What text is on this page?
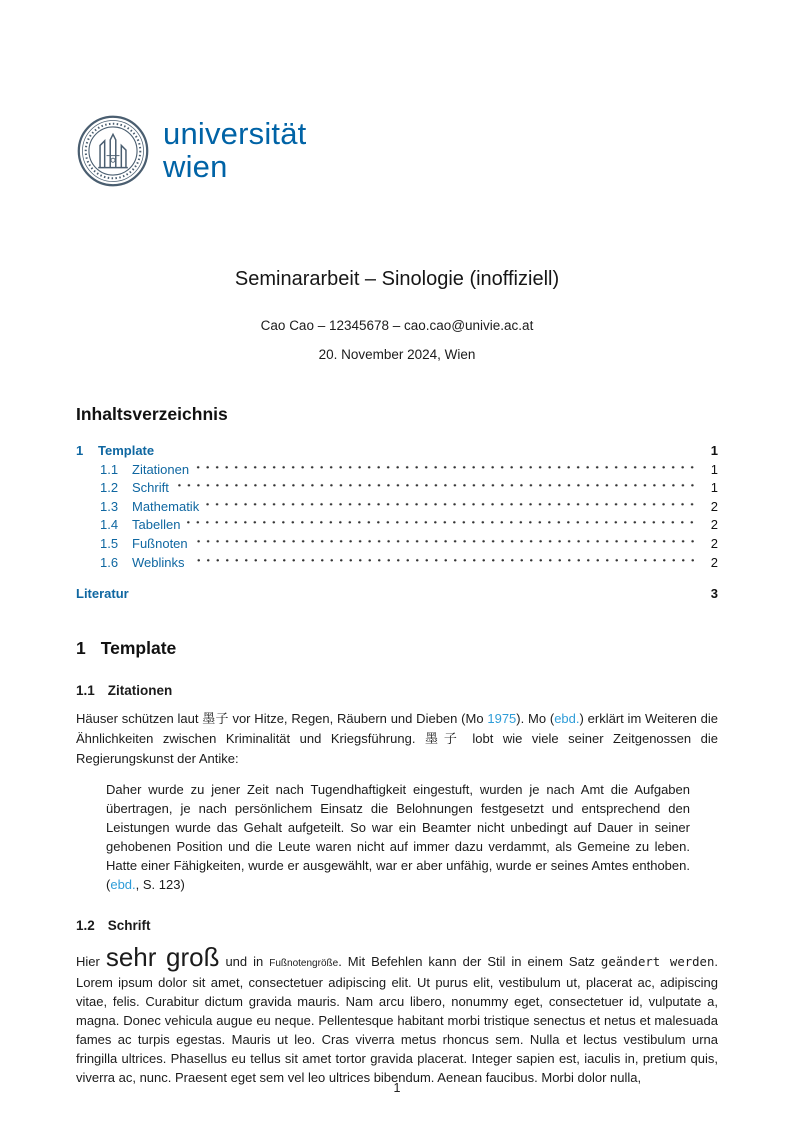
universität
wien
Seminararbeit – Sinologie (inoffiziell)
Cao Cao – 12345678 – cao.cao@univie.ac.at
20. November 2024, Wien
Inhaltsverzeichnis
1	Template	1
1.1	Zitationen	1
1.2	Schrift	1
1.3	Mathematik	2
1.4	Tabellen	2
1.5	Fußnoten	2
1.6	Weblinks	2
Literatur	3
1 Template
1.1 Zitationen

Häuser schützen laut 墨子 vor Hitze, Regen, Räubern und Dieben (Mo 1975). Mo (ebd.) erklärt im Weiteren die Ähnlichkeiten zwischen Kriminalität und Kriegsführung. 墨子 lobt wie viele seiner Zeitgenossen die Regierungskunst der Antike:

Daher wurde zu jener Zeit nach Tugendhaftigkeit eingestuft, wurden je nach Amt die Aufgaben übertragen, je nach persönlichem Einsatz die Belohnungen festgesetzt und entsprechend den Leistungen wurde das Gehalt aufgeteilt. So war ein Beamter nicht unbedingt auf Dauer in seiner gehobenen Position und die Leute waren nicht auf immer dazu verdammt, als Gemeine zu leben. Hatte einer Fähigkeiten, wurde er ausgewählt, war er aber unfähig, wurde er seines Amtes enthoben. (ebd., S. 123)
1.2 Schrift

Hier sehr groß und in Fußnotengröße. Mit Befehlen kann der Stil in einem Satz geändert werden. Lorem ipsum dolor sit amet, consectetuer adipiscing elit. Ut purus elit, vestibulum ut, placerat ac, adipiscing vitae, felis. Curabitur dictum gravida mauris. Nam arcu libero, nonummy eget, consectetuer id, vulputate a, magna. Donec vehicula augue eu neque. Pellentesque habitant morbi tristique senectus et netus et malesuada fames ac turpis egestas. Mauris ut leo. Cras viverra metus rhoncus sem. Nulla et lectus vestibulum urna fringilla ultrices. Phasellus eu tellus sit amet tortor gravida placerat. Integer sapien est, iaculis in, pretium quis, viverra ac, nunc. Praesent eget sem vel leo ultrices bibendum. Aenean faucibus. Morbi dolor nulla,

1
